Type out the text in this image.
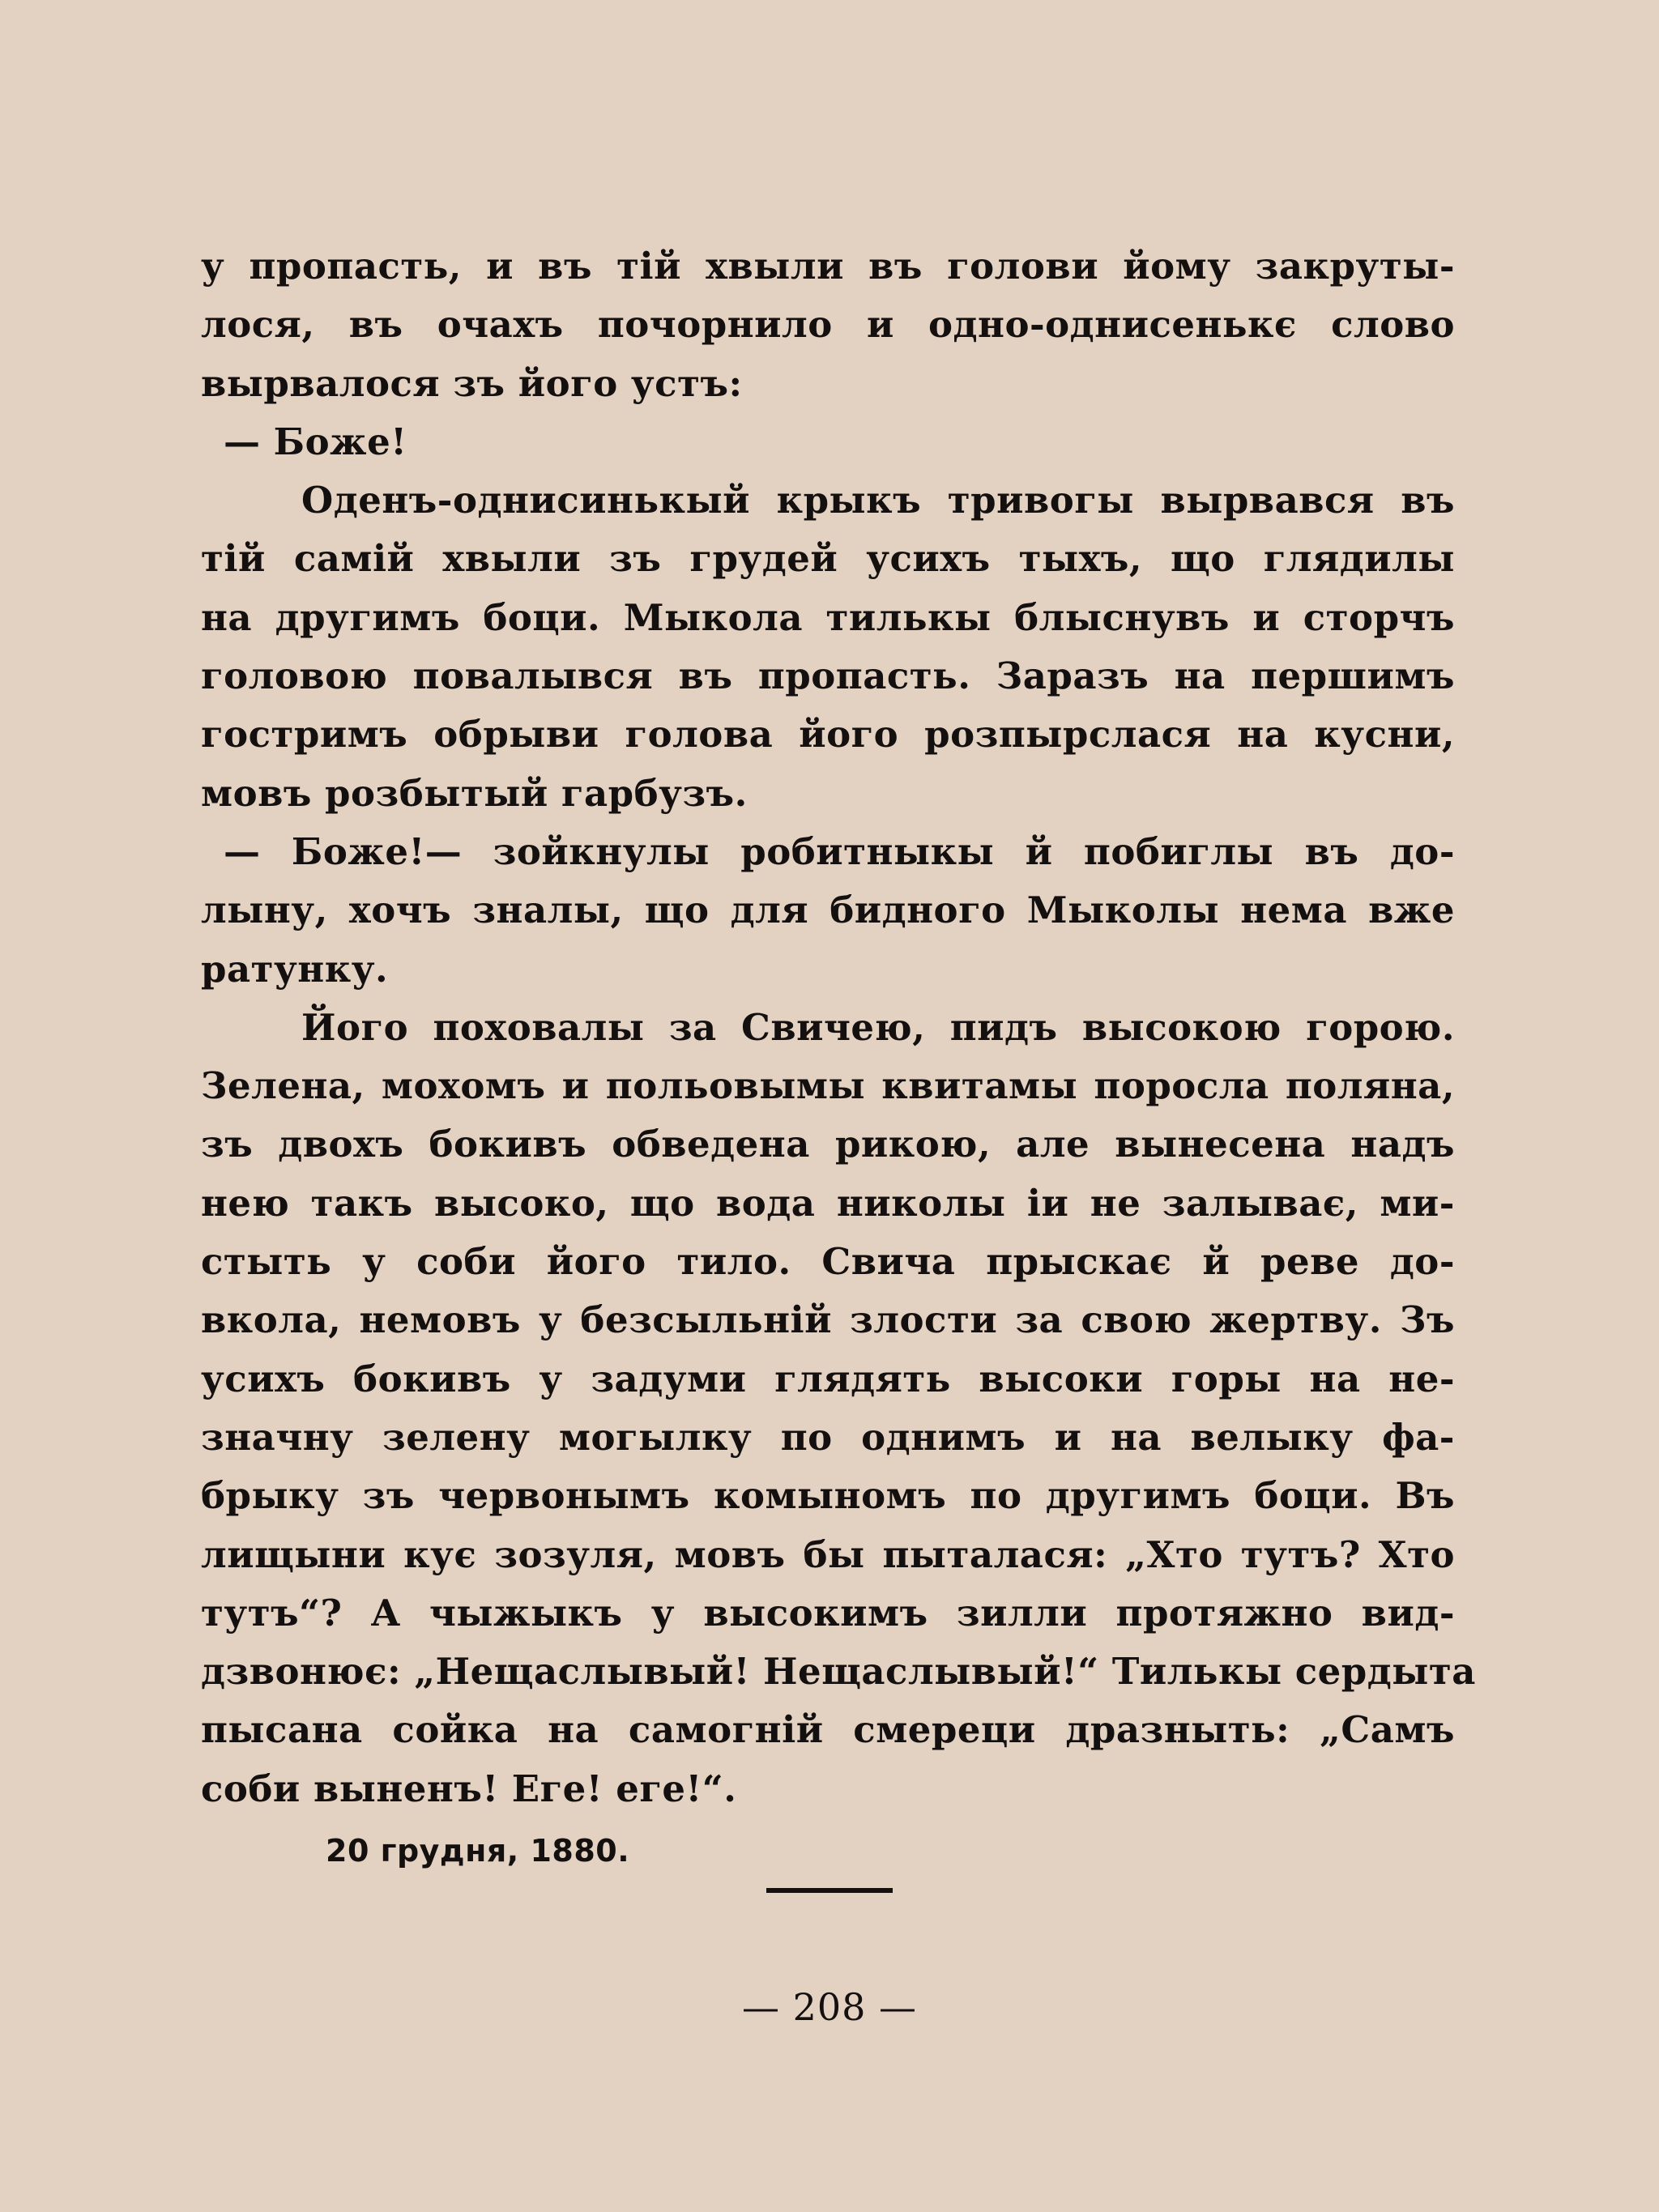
у пропасть, и въ тій хвыли въ голови йому закруты-
лося, въ очахъ почорнило и одно-однисенькє слово
вырвалося зъ його устъ:
— Боже!
Оденъ-однисинькый крыкъ тривогы вырвався въ
тій самій хвыли зъ грудей усихъ тыхъ, що глядилы
на другимъ боци. Мыкола тилькы блыснувъ и сторчъ
головою повалывся въ пропасть. Заразъ на першимъ
гостримъ обрыви голова його розпырслася на кусни,
мовъ розбытый гарбузъ.
— Боже!— зойкнулы робитныкы й побиглы въ до-
лыну, хочъ зналы, що для бидного Мыколы нема вже
ратунку.
Його поховалы за Свичею, пидъ высокою горою.
Зелена, мохомъ и польовымы квитамы поросла поляна,
зъ двохъ бокивъ обведена рикою, але вынесена надъ
нею такъ высоко, що вода николы іи не залыває, ми-
стыть у соби його тило. Свича прыскає й реве до-
вкола, немовъ у безсыльній злости за свою жертву. Зъ
усихъ бокивъ у задуми глядять высоки горы на не-
значну зелену могылку по однимъ и на велыку фа-
брыку зъ червонымъ комыномъ по другимъ боци. Въ
лищыни кує зозуля, мовъ бы пыталася: „Хто тутъ? Хто
тутъ“? А чыжыкъ у высокимъ зилли протяжно вид-
дзвонює: „Нещаслывый! Нещаслывый!“ Тилькы сердыта
пысана сойка на самогній смереци дразныть: „Самъ
соби выненъ! Еге! еге!“.
20 грудня, 1880.
— 208 —
